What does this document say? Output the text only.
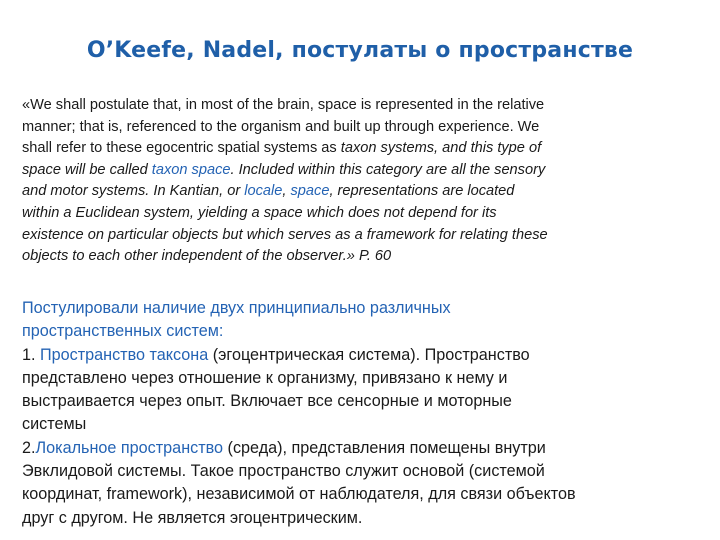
O’Keefe, Nadel, постулаты о пространстве
«We shall postulate that, in most of the brain, space is represented in the relative
manner; that is, referenced to the organism and built up through experience. We
shall refer to these egocentric spatial systems as taxon systems, and this type of
space will be called taxon space. Included within this category are all the sensory
and motor systems. In Kantian, or locale, space, representations are located
within a Euclidean system, yielding a space which does not depend for its
existence on particular objects but which serves as a framework for relating these
objects to each other independent of the observer.» P. 60
Постулировали наличие двух принципиально различных
пространственных систем:
1. Пространство таксона (эгоцентрическая система). Пространство
представлено через отношение к организму, привязано к нему и
выстраивается через опыт. Включает все сенсорные и моторные
системы
2.Локальное пространство (среда), представления помещены внутри
Эвклидовой системы. Такое пространство служит основой (системой
координат, framework), независимой от наблюдателя, для связи объектов
друг с другом. Не является эгоцентрическим.
